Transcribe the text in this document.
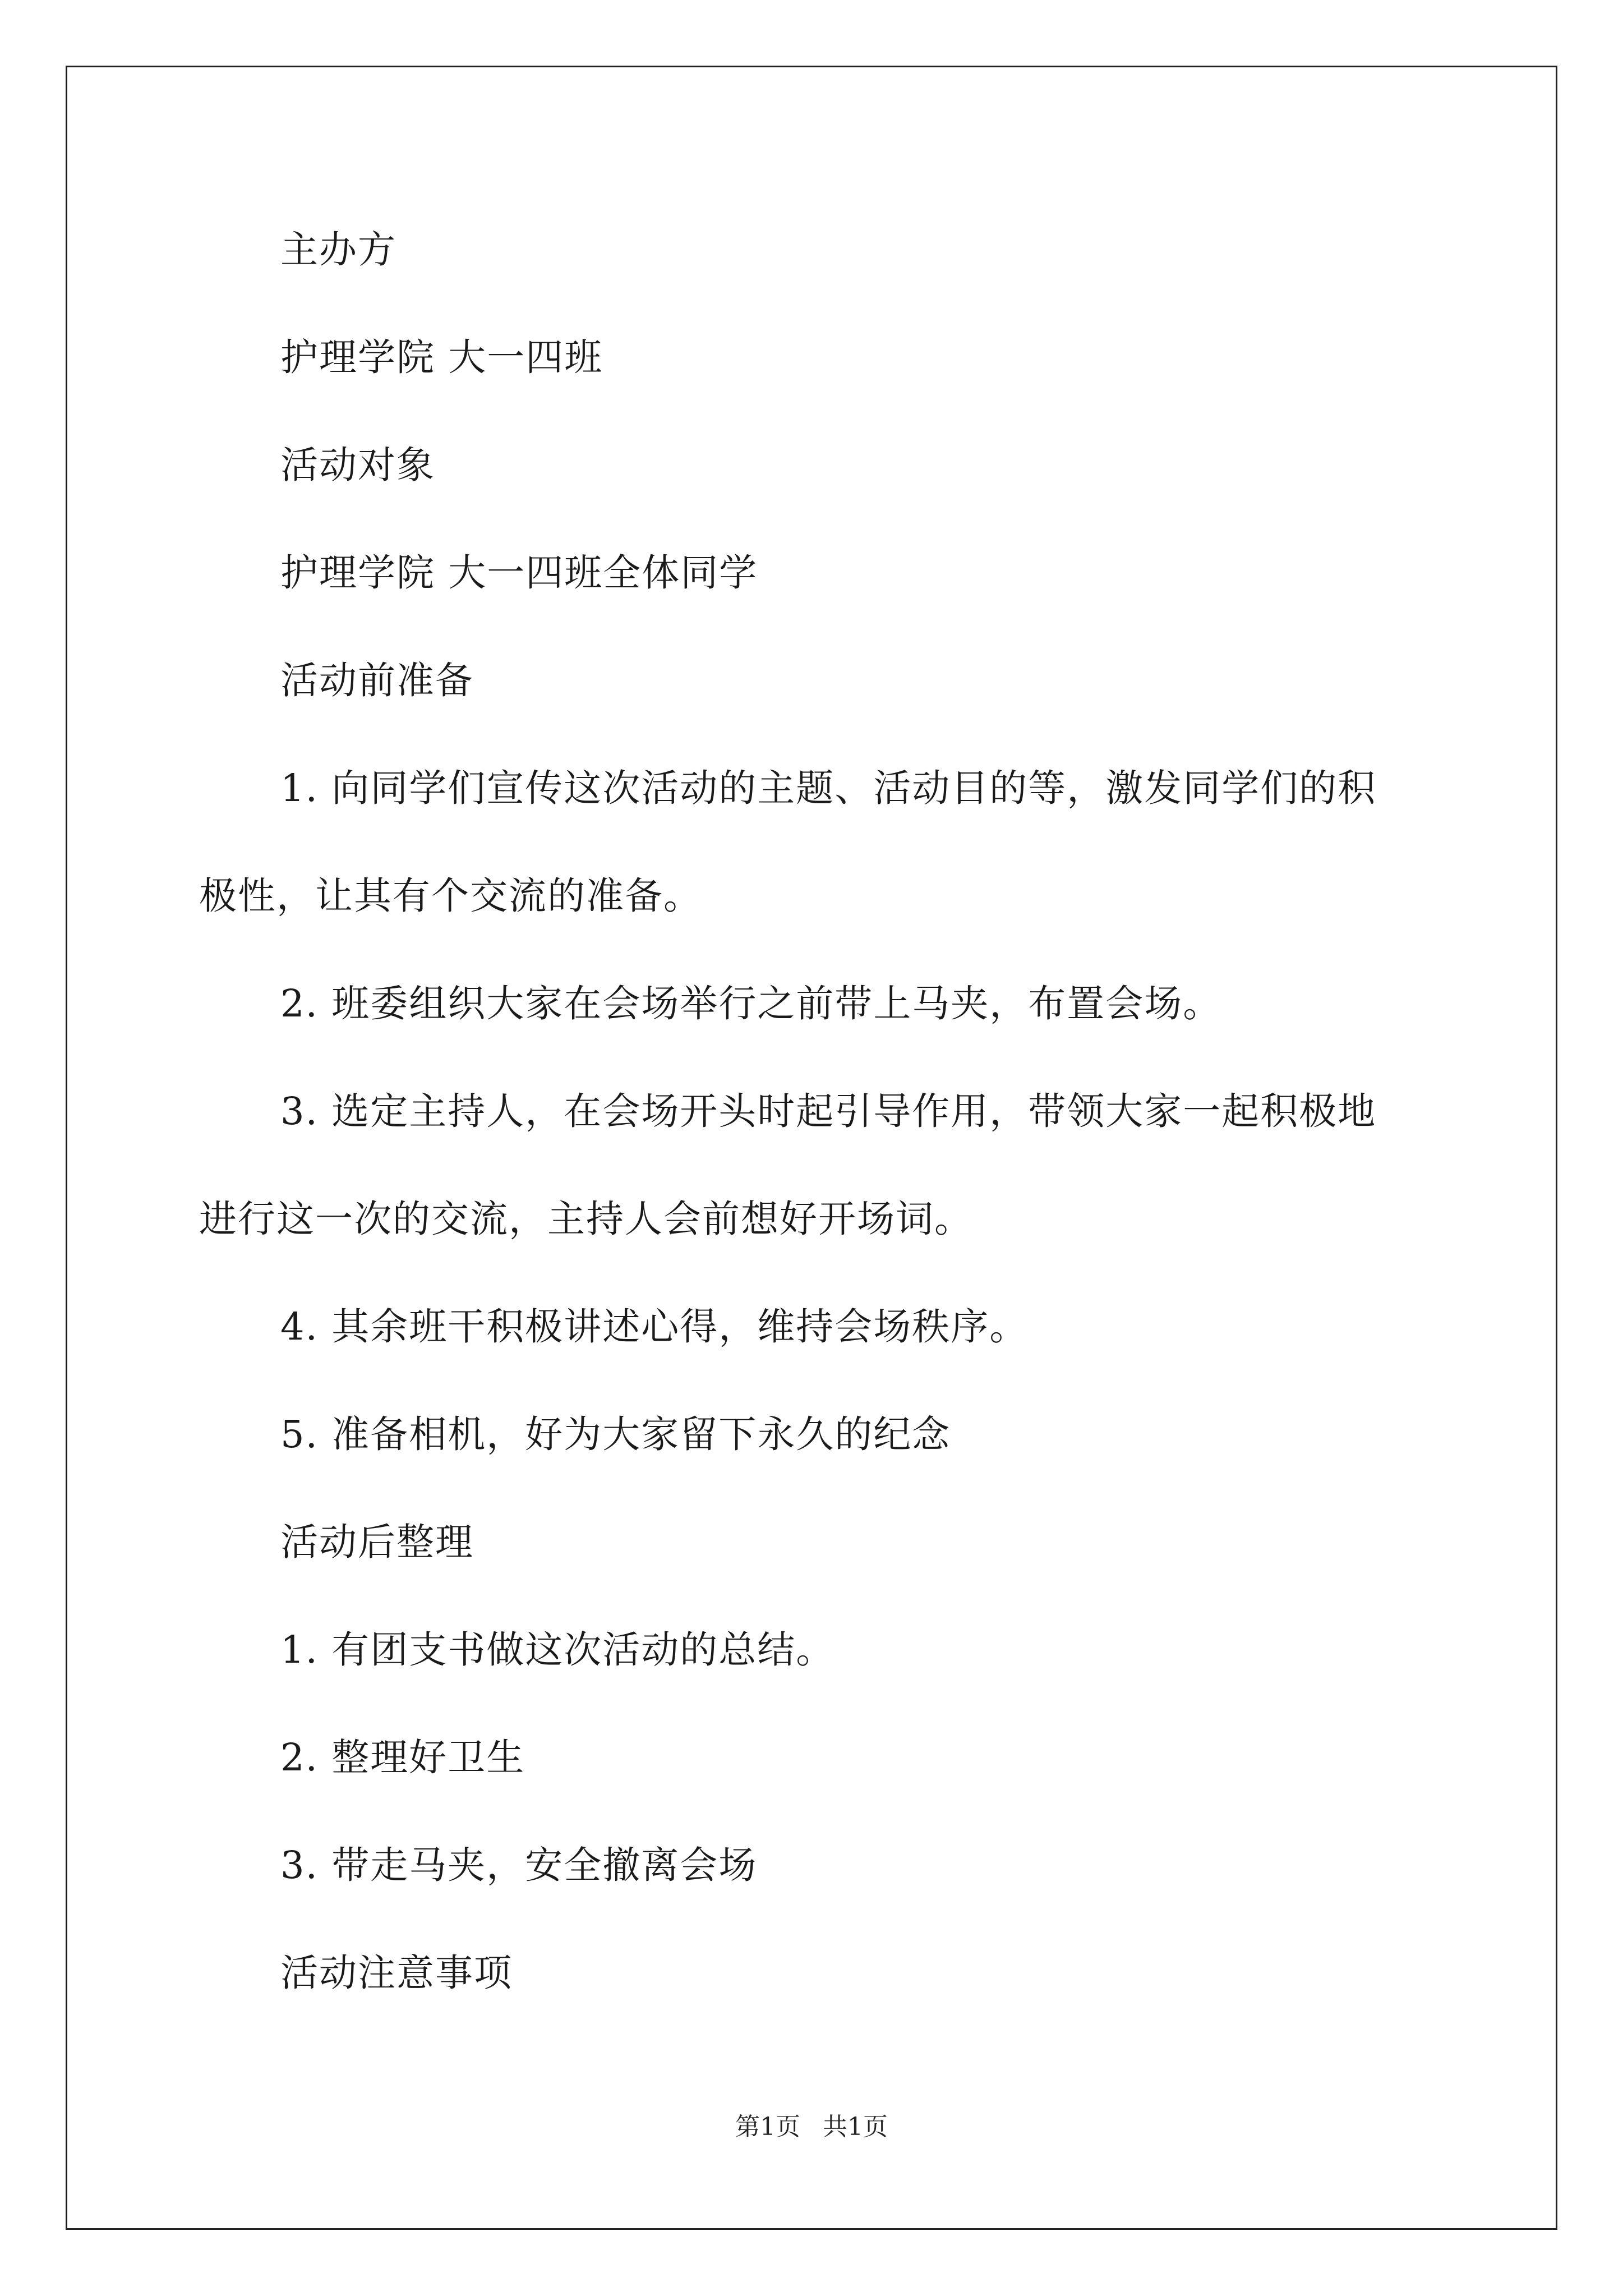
主办方
护理学院 大一四班
活动对象
护理学院 大一四班全体同学
活动前准备
1. 向同学们宣传这次活动的主题、活动目的等，激发同学们的积
极性，让其有个交流的准备。
2. 班委组织大家在会场举行之前带上马夹，布置会场。
3. 选定主持人，在会场开头时起引导作用，带领大家一起积极地
进行这一次的交流，主持人会前想好开场词。
4. 其余班干积极讲述心得，维持会场秩序。
5. 准备相机，好为大家留下永久的纪念
活动后整理
1. 有团支书做这次活动的总结。
2. 整理好卫生
3. 带走马夹，安全撤离会场
活动注意事项
第1页 共1页
